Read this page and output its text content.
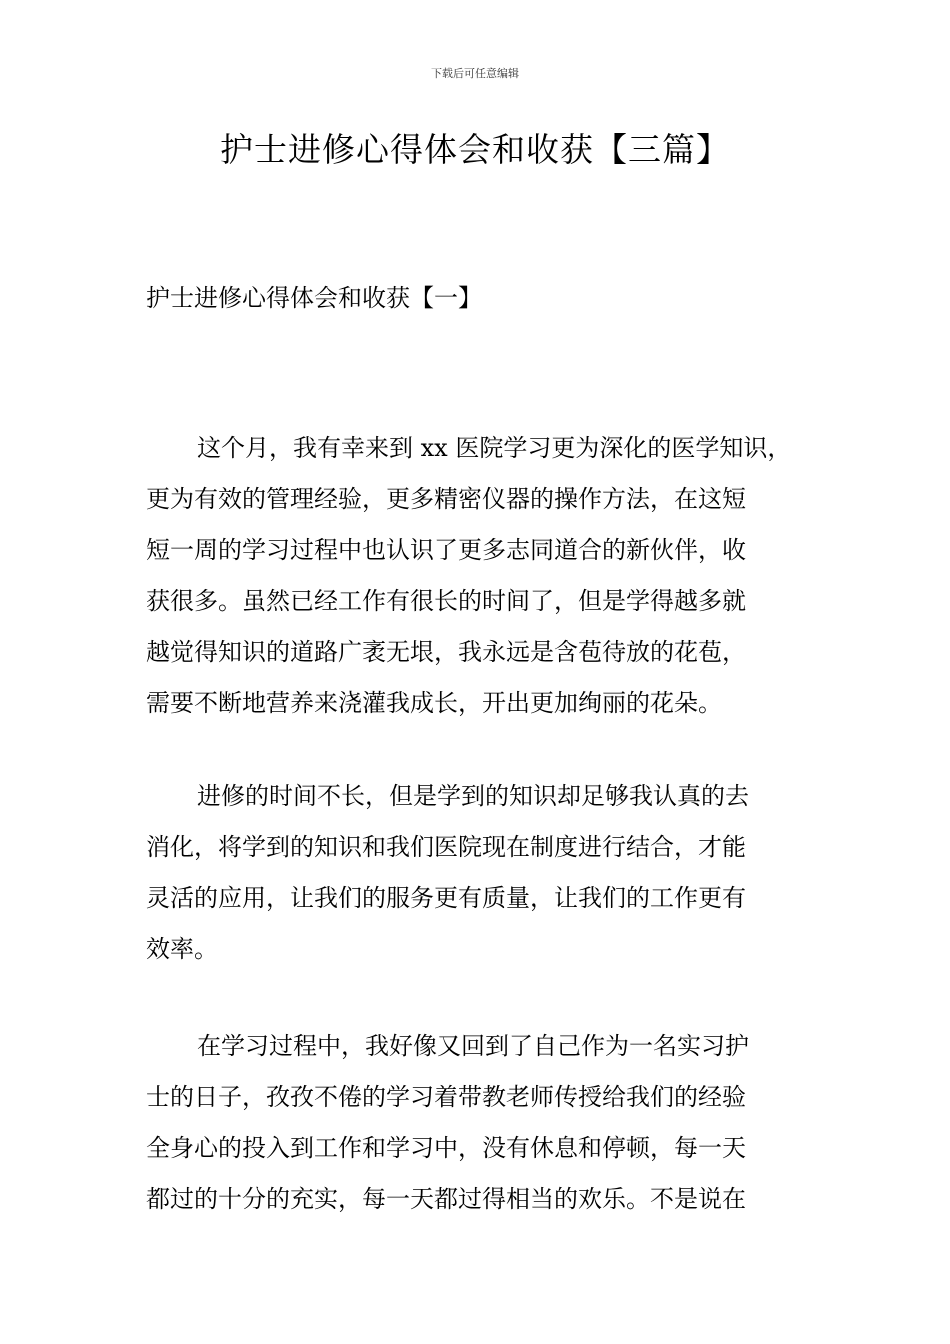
下载后可任意编辑
护士进修心得体会和收获【三篇】
护士进修心得体会和收获【一】
这个月，我有幸来到 xx 医院学习更为深化的医学知识，
更为有效的管理经验，更多精密仪器的操作方法，在这短
短一周的学习过程中也认识了更多志同道合的新伙伴，收
获很多。虽然已经工作有很长的时间了，但是学得越多就
越觉得知识的道路广袤无垠，我永远是含苞待放的花苞，
需要不断地营养来浇灌我成长，开出更加绚丽的花朵。
进修的时间不长，但是学到的知识却足够我认真的去
消化，将学到的知识和我们医院现在制度进行结合，才能
灵活的应用，让我们的服务更有质量，让我们的工作更有
效率。
在学习过程中，我好像又回到了自己作为一名实习护
士的日子，孜孜不倦的学习着带教老师传授给我们的经验
全身心的投入到工作和学习中，没有休息和停顿，每一天
都过的十分的充实，每一天都过得相当的欢乐。不是说在
